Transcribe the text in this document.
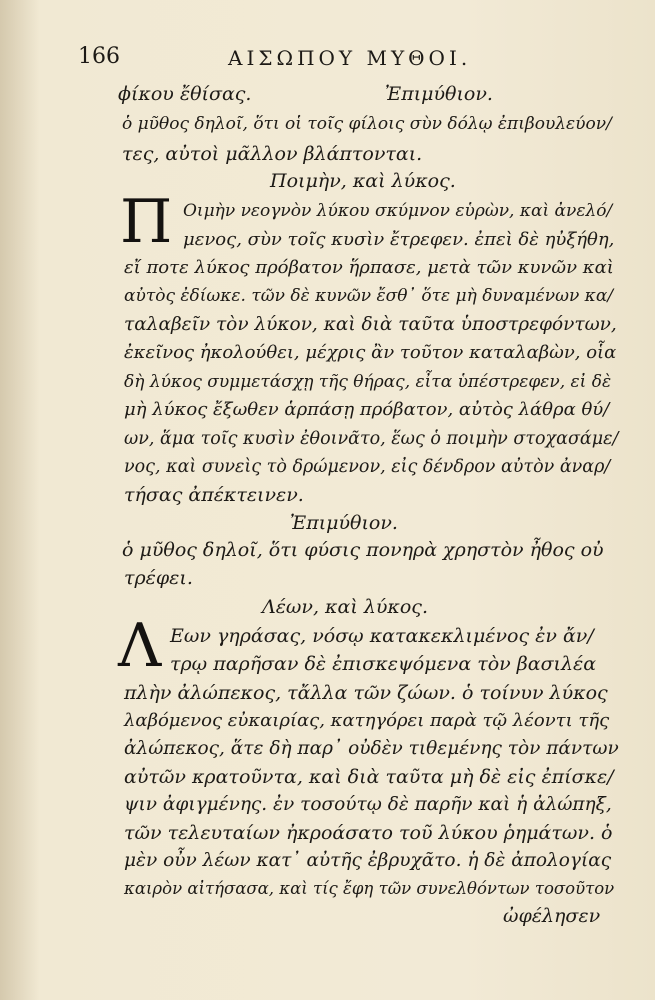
166	ΑΙΣΩΠΟΥ ΜΥΘΟΙ.
ϕίκου ἔθίσας.	Ἐπιμύθιον.
ὁ μῦθος δηλοῖ, ὅτι οἱ τοῖς φίλοις σὺν δόλῳ ἐπιβουλεύον/
τες, αὐτοὶ μᾶλλον βλάπτονται.
Ποιμὴν, καὶ λύκος.
Π Οιμὴν νεογνὸν λύκου σκύμνον εὑρὼν, καὶ ἀνελό/
μενος, σὺν τοῖς κυσὶν ἔτρεφεν. ἐπεὶ δὲ ηὐξήθη,
εἴ ποτε λύκος πρόβατον ἥρπασε, μετὰ τῶν κυνῶν καὶ
αὐτὸς ἐδίωκε. τῶν δὲ κυνῶν ἔσθ᾽ ὅτε μὴ δυναμένων κα/
ταλαβεῖν τὸν λύκον, καὶ διὰ ταῦτα ὑποστρεφόντων,
ἐκεῖνος ἠκολούθει, μέχρις ἂν τοῦτον καταλαβὼν, οἷα
δὴ λύκος συμμετάσχῃ τῆς θήρας, εἶτα ὑπέστρεφεν, εἰ δὲ
μὴ λύκος ἔξωθεν ἁρπάσῃ πρόβατον, αὐτὸς λάθρα θύ/
ων, ἅμα τοῖς κυσὶν ἐθοινᾶτο, ἕως ὁ ποιμὴν στοχασάμε/
νος, καὶ συνεὶς τὸ δρώμενον, εἰς δένδρον αὐτὸν ἀναρ/
τήσας ἀπέκτεινεν.
Ἐπιμύθιον.
ὁ μῦθος δηλοῖ, ὅτι φύσις πονηρὰ χρηστὸν ἦθος οὐ
τρέφει.
Λέων, καὶ λύκος.
Λ Εων γηράσας, νόσῳ κατακεκλιμένος ἐν ἄν/
τρῳ παρῆσαν δὲ ἐπισκεψόμενα τὸν βασιλέα
πλὴν ἀλώπεκος, τἄλλα τῶν ζώων. ὁ τοίνυν λύκος
λαβόμενος εὐκαιρίας, κατηγόρει παρὰ τῷ λέοντι τῆς
ἀλώπεκος, ἅτε δὴ παρ᾽ οὐδὲν τιθεμένης τὸν πάντων
αὐτῶν κρατοῦντα, καὶ διὰ ταῦτα μὴ δὲ εἰς ἐπίσκε/
ψιν ἀφιγμένης. ἐν τοσούτῳ δὲ παρῆν καὶ ἡ ἀλώπηξ,
τῶν τελευταίων ἠκροάσατο τοῦ λύκου ῥημάτων. ὁ
μὲν οὖν λέων κατ᾽ αὐτῆς ἐβρυχᾶτο. ἡ δὲ ἀπολογίας
καιρὸν αἰτήσασα, καὶ τίς ἔφη τῶν συνελθόντων τοσοῦτον
ὠφέλησεν
